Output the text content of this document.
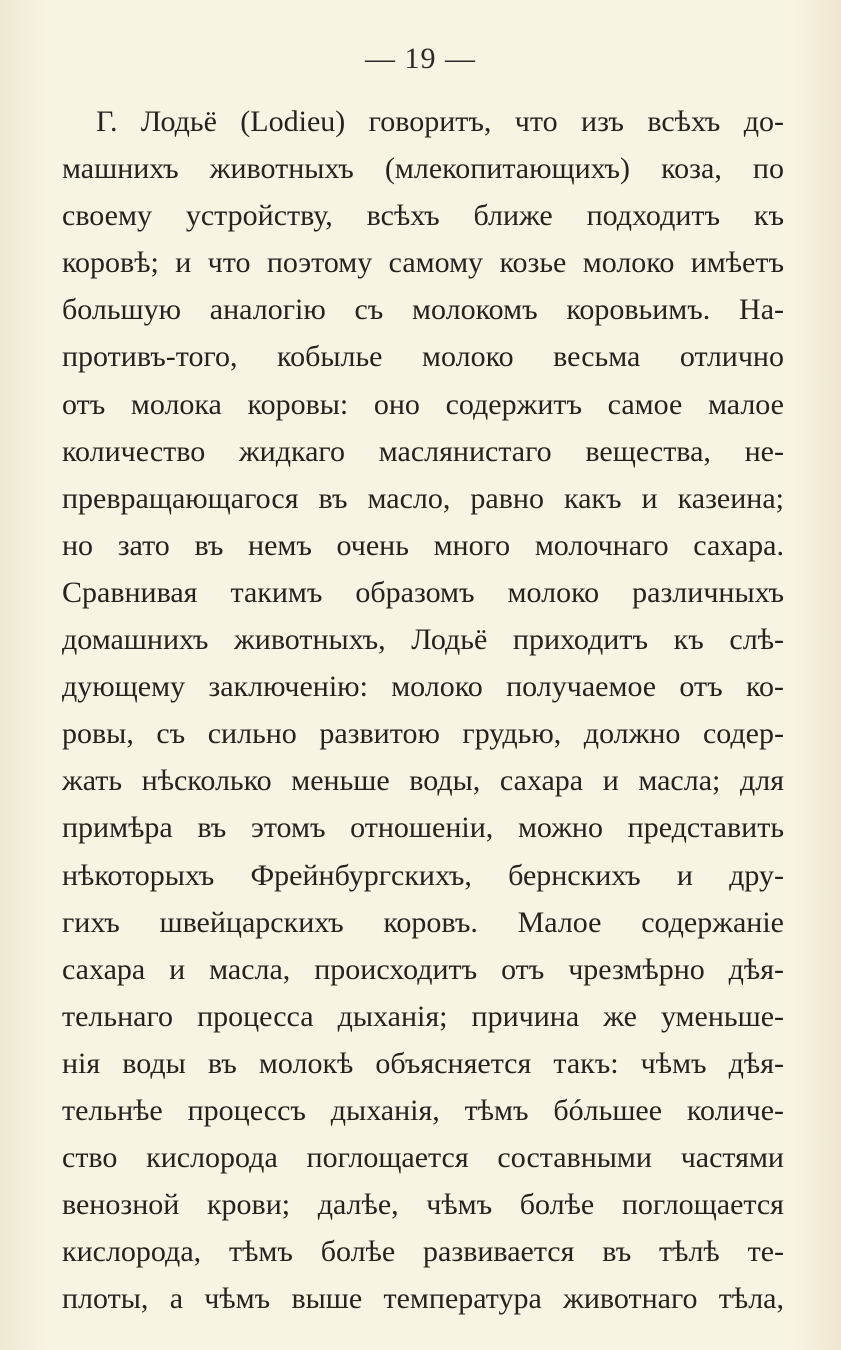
— 19 —
Г. Лодьё (Lodieu) говоритъ, что изъ всѣхъ до-
машнихъ животныхъ (млекопитающихъ) коза, по
своему устройству, всѣхъ ближе подходитъ къ
коровѣ; и что поэтому самому козье молоко имѣетъ
большую аналогію съ молокомъ коровьимъ. На-
противъ-того, кобылье молоко весьма отлично
отъ молока коровы: оно содержитъ самое малое
количество жидкаго маслянистаго вещества, не-
превращающагося въ масло, равно какъ и казеина;
но зато въ немъ очень много молочнаго сахара.
Сравнивая такимъ образомъ молоко различныхъ
домашнихъ животныхъ, Лодьё приходитъ къ слѣ-
дующему заключенію: молоко получаемое отъ ко-
ровы, съ сильно развитою грудью, должно содер-
жать нѣсколько меньше воды, сахара и масла; для
примѣра въ этомъ отношеніи, можно представить
нѣкоторыхъ Фрейнбургскихъ, бернскихъ и дру-
гихъ швейцарскихъ коровъ. Малое содержаніе
сахара и масла, происходитъ отъ чрезмѣрно дѣя-
тельнаго процесса дыханія; причина же уменьше-
нія воды въ молокѣ объясняется такъ: чѣмъ дѣя-
тельнѣе процессъ дыханія, тѣмъ бóльшее количе-
ство кислорода поглощается составными частями
венозной крови; далѣе, чѣмъ болѣе поглощается
кислорода, тѣмъ болѣе развивается въ тѣлѣ те-
плоты, а чѣмъ выше температура животнаго тѣла,
